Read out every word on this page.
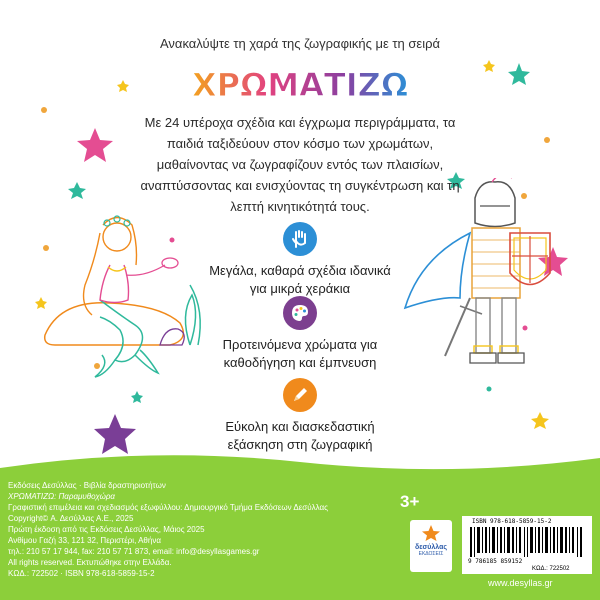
Ανακαλύψτε τη χαρά της ζωγραφικής με τη σειρά
ΧΡΩΜΑΤΙΖΩ
Με 24 υπέροχα σχέδια και έγχρωμα περιγράμματα, τα παιδιά ταξιδεύουν στον κόσμο των χρωμάτων, μαθαίνοντας να ζωγραφίζουν εντός των πλαισίων, αναπτύσσοντας και ενισχύοντας τη συγκέντρωση και τη λεπτή κινητικότητά τους.
Μεγάλα, καθαρά σχέδια ιδανικά για μικρά χεράκια
Προτεινόμενα χρώματα για καθοδήγηση και έμπνευση
Εύκολη και διασκεδαστική εξάσκηση στη ζωγραφική
Εκδόσεις Δεσύλλας · Βιβλία δραστηριοτήτων
ΧΡΩΜΑΤΙΖΩ: Παραμυθοχώρα
Γραφιστική επιμέλεια και σχεδιασμός εξωφύλλου: Δημιουργικό Τμήμα Εκδόσεων Δεσύλλας
Copyright© Α. Δεσύλλας Α.Ε., 2025
Πρώτη έκδοση από τις Εκδόσεις Δεσύλλας, Μάιος 2025
Ανθίμου Γαζή 33, 121 32, Περιστέρι, Αθήνα
τηλ.: 210 57 17 944, fax: 210 57 71 873, email: info@desyllasgames.gr
All rights reserved. Εκτυπώθηκε στην Ελλάδα.
ΚΩΔ.: 722502 · ISBN 978-618-5859-15-2
3+
δεσύλλας
ΕΚΔΟΣΕΙΣ
ISBN 978-618-5859-15-2
9 786185 859152
ΚΩΔ.: 722502
www.desyllas.gr
